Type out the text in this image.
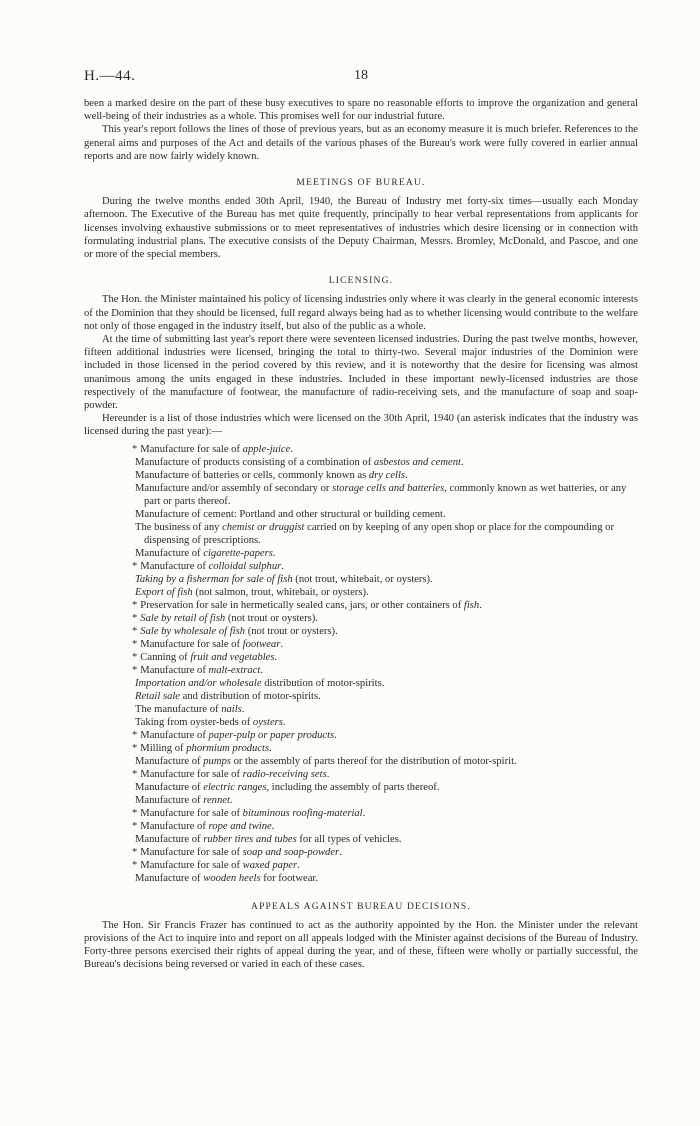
H.—44.	18

been a marked desire on the part of these busy executives to spare no reasonable efforts to improve the organization and general well-being of their industries as a whole. This promises well for our industrial future.

This year's report follows the lines of those of previous years, but as an economy measure it is much briefer. References to the general aims and purposes of the Act and details of the various phases of the Bureau's work were fully covered in earlier annual reports and are now fairly widely known.

MEETINGS OF BUREAU.

During the twelve months ended 30th April, 1940, the Bureau of Industry met forty-six times—usually each Monday afternoon. The Executive of the Bureau has met quite frequently, principally to hear verbal representations from applicants for licenses involving exhaustive submissions or to meet representatives of industries which desire licensing or in connection with formulating industrial plans. The executive consists of the Deputy Chairman, Messrs. Bromley, McDonald, and Pascoe, and one or more of the special members.

LICENSING.

The Hon. the Minister maintained his policy of licensing industries only where it was clearly in the general economic interests of the Dominion that they should be licensed, full regard always being had as to whether licensing would contribute to the welfare not only of those engaged in the industry itself, but also of the public as a whole.

At the time of submitting last year's report there were seventeen licensed industries. During the past twelve months, however, fifteen additional industries were licensed, bringing the total to thirty-two. Several major industries of the Dominion were included in those licensed in the period covered by this review, and it is noteworthy that the desire for licensing was almost unanimous among the units engaged in these industries. Included in these important newly-licensed industries are those respectively of the manufacture of footwear, the manufacture of radio-receiving sets, and the manufacture of soap and soap-powder.

Hereunder is a list of those industries which were licensed on the 30th April, 1940 (an asterisk indicates that the industry was licensed during the past year):—

* Manufacture for sale of apple-juice.
Manufacture of products consisting of a combination of asbestos and cement.
Manufacture of batteries or cells, commonly known as dry cells.
Manufacture and/or assembly of secondary or storage cells and batteries, commonly known as wet batteries, or any part or parts thereof.
Manufacture of cement: Portland and other structural or building cement.
The business of any chemist or druggist carried on by keeping of any open shop or place for the compounding or dispensing of prescriptions.
Manufacture of cigarette-papers.
* Manufacture of colloidal sulphur.
Taking by a fisherman for sale of fish (not trout, whitebait, or oysters).
Export of fish (not salmon, trout, whitebait, or oysters).
* Preservation for sale in hermetically sealed cans, jars, or other containers of fish.
* Sale by retail of fish (not trout or oysters).
* Sale by wholesale of fish (not trout or oysters).
* Manufacture for sale of footwear.
* Canning of fruit and vegetables.
* Manufacture of malt-extract.
Importation and/or wholesale distribution of motor-spirits.
Retail sale and distribution of motor-spirits.
The manufacture of nails.
Taking from oyster-beds of oysters.
* Manufacture of paper-pulp or paper products.
* Milling of phormium products.
Manufacture of pumps or the assembly of parts thereof for the distribution of motor-spirit.
* Manufacture for sale of radio-receiving sets.
Manufacture of electric ranges, including the assembly of parts thereof.
Manufacture of rennet.
* Manufacture for sale of bituminous roofing-material.
* Manufacture of rope and twine.
Manufacture of rubber tires and tubes for all types of vehicles.
* Manufacture for sale of soap and soap-powder.
* Manufacture for sale of waxed paper.
Manufacture of wooden heels for footwear.
APPEALS AGAINST BUREAU DECISIONS.

The Hon. Sir Francis Frazer has continued to act as the authority appointed by the Hon. the Minister under the relevant provisions of the Act to inquire into and report on all appeals lodged with the Minister against decisions of the Bureau of Industry. Forty-three persons exercised their rights of appeal during the year, and of these, fifteen were wholly or partially successful, the Bureau's decisions being reversed or varied in each of these cases.
